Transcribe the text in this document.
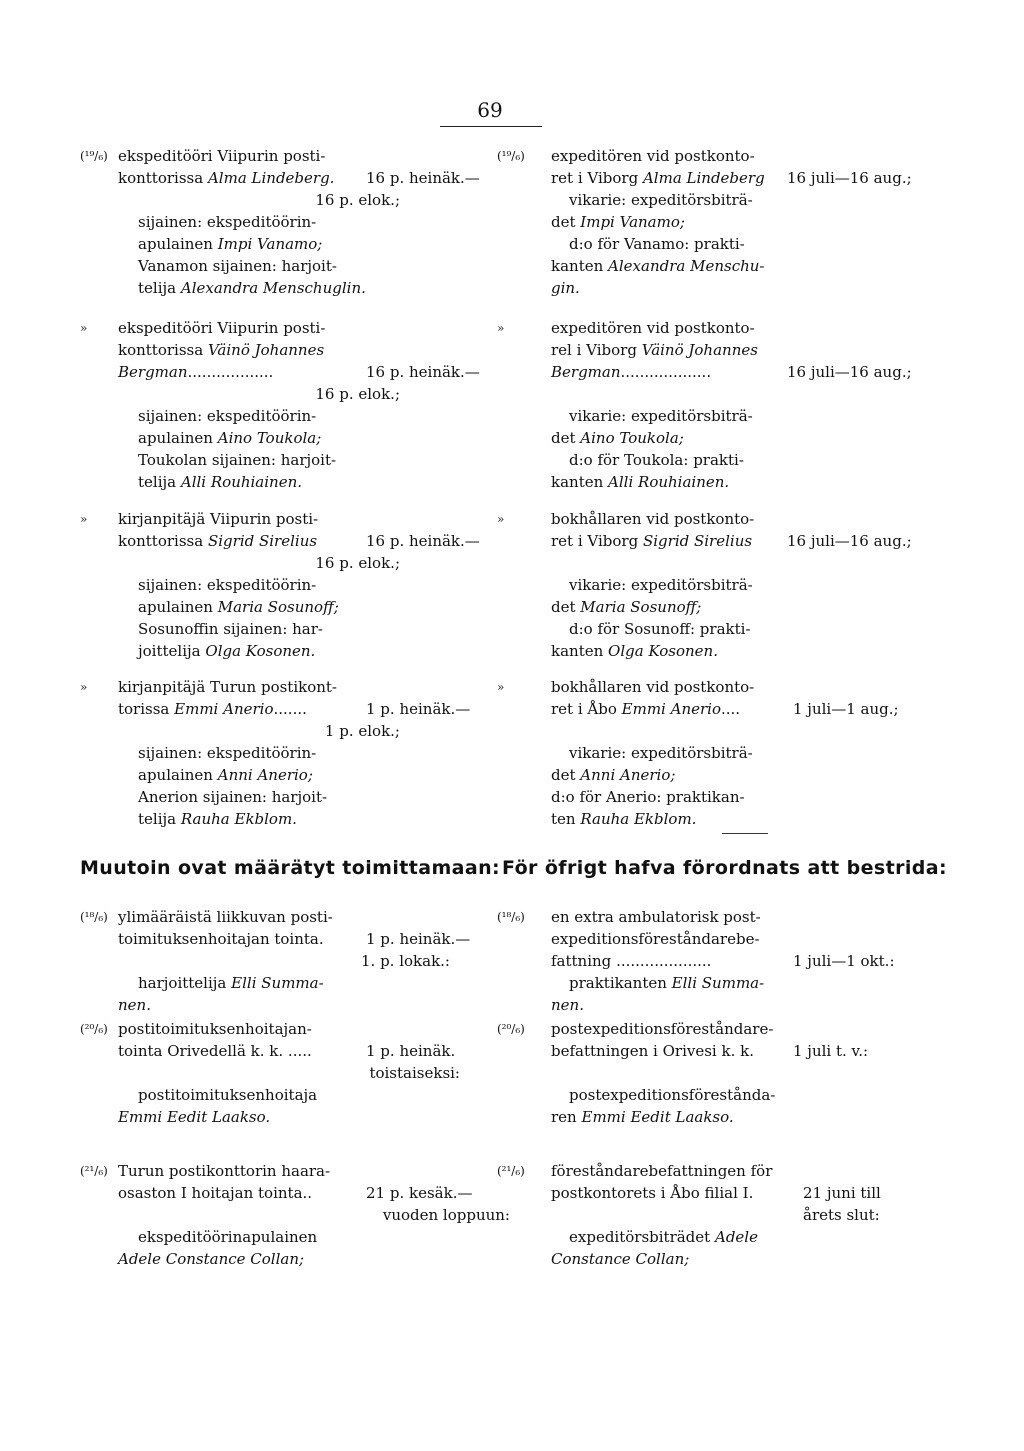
69
(¹⁹/₆) ekspeditööri Viipurin posti-
konttorissa Alma Lindeberg. 16 p. heinäk.—
16 p. elok.;
sijainen: ekspeditöörin-
apulainen Impi Vanamo;
Vanamon sijainen: harjoit-
telija Alexandra Menschuglin.
» ekspeditööri Viipurin posti-
konttorissa Väinö Johannes
Bergman..................	16 p. heinäk.—
16 p. elok.;
sijainen: ekspeditöörin-
apulainen Aino Toukola;
Toukolan sijainen: harjoit-
telija Alli Rouhiainen.
» kirjanpitäjä Viipurin posti-
konttorissa Sigrid Sirelius	16 p. heinäk.—
16 p. elok.;
sijainen: ekspeditöörin-
apulainen Maria Sosunoff;
Sosunoffin sijainen: har-
joittelija Olga Kosonen.
» kirjanpitäjä Turun postikont-
torissa Emmi Anerio.......	1 p. heinäk.—
1 p. elok.;
sijainen: ekspeditöörin-
apulainen Anni Anerio;
Anerion sijainen: harjoit-
telija Rauha Ekblom.
(¹⁸/₆) ylimääräistä liikkuvan posti-
toimituksenhoitajan tointa.	1 p. heinäk.—
1. p. lokak.:
harjoittelija Elli Summa-
nen.
(²⁰/₆) postitoimituksenhoitajan-
tointa Orivedellä k. k. .....	1 p. heinäk.
toistaiseksi:
postitoimituksenhoitaja
Emmi Eedit Laakso.
(²¹/₆) Turun postikonttorin haara-
osaston I hoitajan tointa..	21 p. kesäk.—
vuoden loppuun:
ekspeditöörinapulainen
Adele Constance Collan;
Muutoin ovat määrätyt toimittamaan:
(¹⁹/₆) expeditören vid postkonto-
ret i Viborg Alma Lindeberg 16 juli—16 aug.;
vikarie: expeditörsbiträ-
det Impi Vanamo;
d:o för Vanamo: prakti-
kanten Alexandra Menschu-
gin.
»	expeditören vid postkonto-
rel i Viborg Väinö Johannes
Bergman...................	16 juli—16 aug.;
vikarie: expeditörsbiträ-
det Aino Toukola;
d:o för Toukola: prakti-
kanten Alli Rouhiainen.
»	bokhållaren vid postkonto-
ret i Viborg Sigrid Sirelius 16 juli—16 aug.;
vikarie: expeditörsbiträ-
det Maria Sosunoff;
d:o för Sosunoff: prakti-
kanten Olga Kosonen.
»	bokhållaren vid postkonto-
ret i Åbo Emmi Anerio....	1 juli—1 aug.;
vikarie: expeditörsbiträ-
det Anni Anerio;
d:o för Anerio: praktikan-
ten Rauha Ekblom.
(¹⁸/₆) en extra ambulatorisk post-
expeditionsföreståndarebe-
fattning ....................	1 juli—1 okt.:
praktikanten Elli Summa-
nen.
(²⁰/₆) postexpeditionsföreståndare-
befattningen i Orivesi k. k.	1 juli t. v.:
postexpeditionsförestånda-
ren Emmi Eedit Laakso.
(²¹/₆) föreståndarebefattningen för
postkontorets i Åbo filial I.	21 juni till
årets slut:
expeditörsbiträdet Adele
Constance Collan;
För öfrigt hafva förordnats att bestrida:
